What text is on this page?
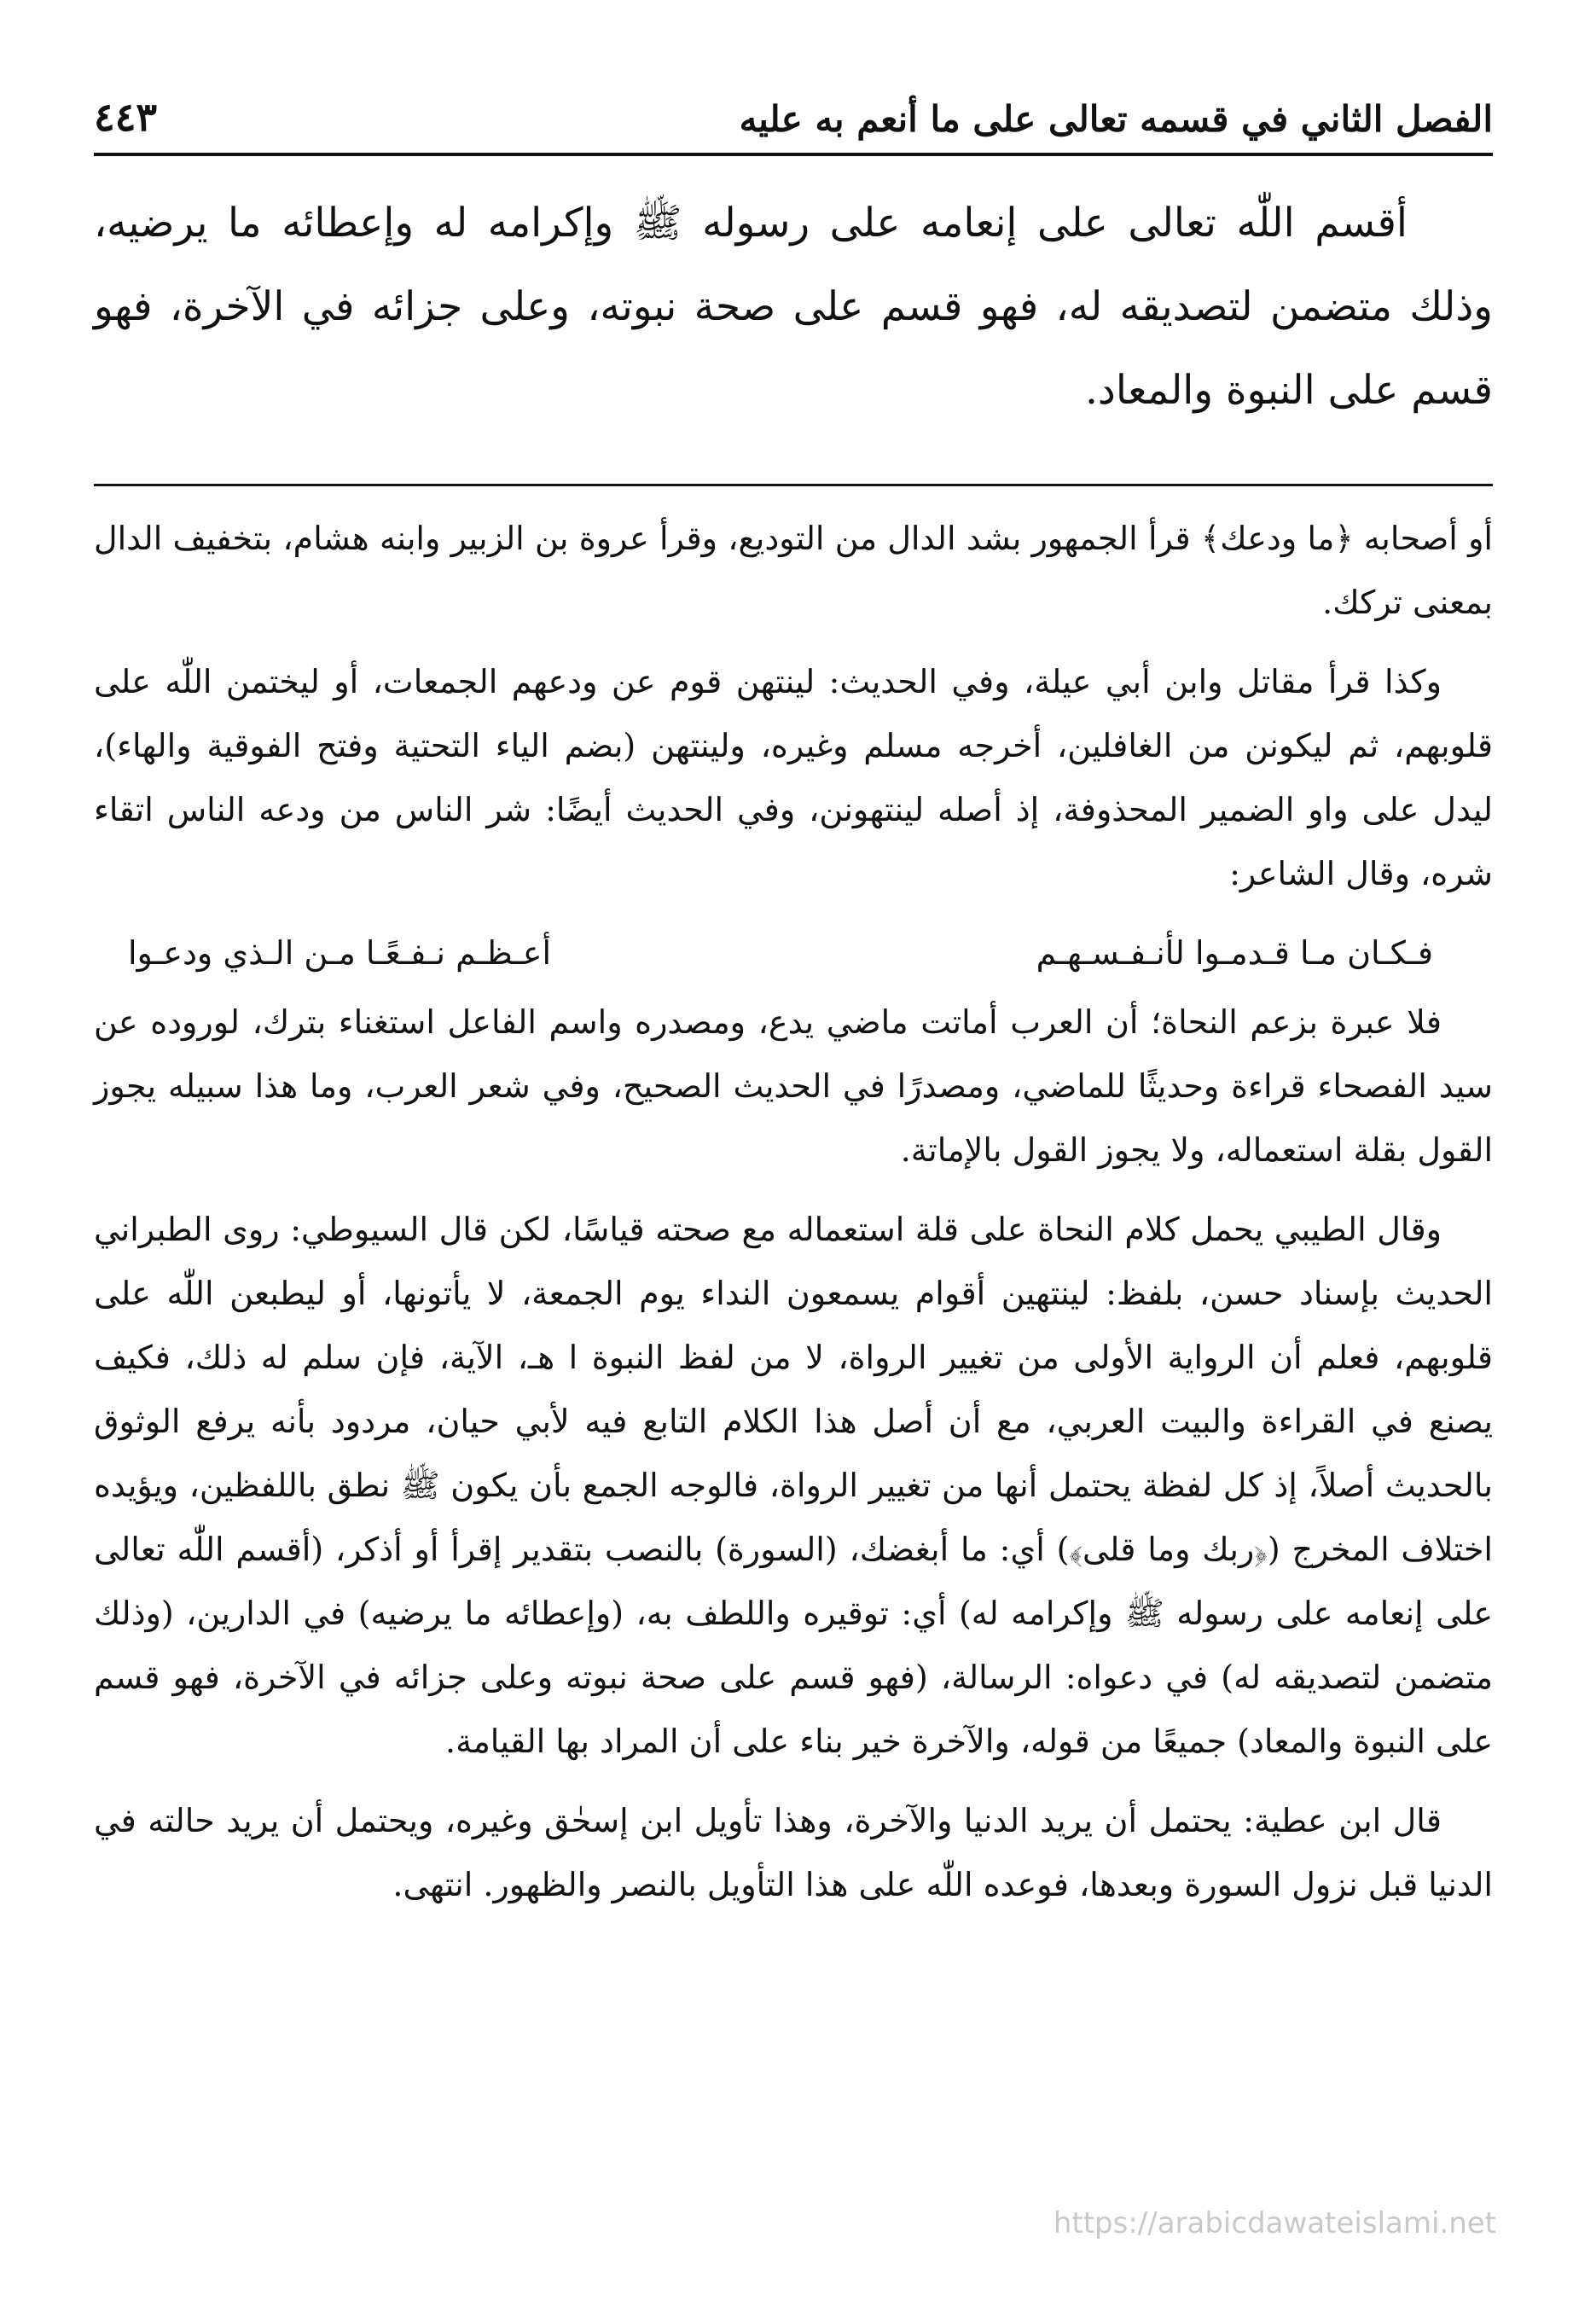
الفصل الثاني في قسمه تعالى على ما أنعم به عليه
٤٤٣

أقسم اللّٰه تعالى على إنعامه على رسوله ﷺ وإكرامه له وإعطائه ما يرضيه، وذلك متضمن لتصديقه له، فهو قسم على صحة نبوته، وعلى جزائه في الآخرة، فهو قسم على النبوة والمعاد.

أو أصحابه ﴿ما ودعك﴾ قرأ الجمهور بشد الدال من التوديع، وقرأ عروة بن الزبير وابنه هشام، بتخفيف الدال بمعنى تركك.

وكذا قرأ مقاتل وابن أبي عيلة، وفي الحديث: لينتهن قوم عن ودعهم الجمعات، أو ليختمن اللّٰه على قلوبهم، ثم ليكونن من الغافلين، أخرجه مسلم وغيره، ولينتهن (بضم الياء التحتية وفتح الفوقية والهاء)، ليدل على واو الضمير المحذوفة، إذ أصله لينتهونن، وفي الحديث أيضًا: شر الناس من ودعه الناس اتقاء شره، وقال الشاعر:

فـكـان مـا قـدمـوا لأنـفـسـهـم
أعـظـم نـفـعًـا مـن الـذي ودعـوا

فلا عبرة بزعم النحاة؛ أن العرب أماتت ماضي يدع، ومصدره واسم الفاعل استغناء بترك، لوروده عن سيد الفصحاء قراءة وحديثًا للماضي، ومصدرًا في الحديث الصحيح، وفي شعر العرب، وما هذا سبيله يجوز القول بقلة استعماله، ولا يجوز القول بالإماتة.

وقال الطيبي يحمل كلام النحاة على قلة استعماله مع صحته قياسًا، لكن قال السيوطي: روى الطبراني الحديث بإسناد حسن، بلفظ: لينتهين أقوام يسمعون النداء يوم الجمعة، لا يأتونها، أو ليطبعن اللّٰه على قلوبهم، فعلم أن الرواية الأولى من تغيير الرواة، لا من لفظ النبوة ا هـ، الآية، فإن سلم له ذلك، فكيف يصنع في القراءة والبيت العربي، مع أن أصل هذا الكلام التابع فيه لأبي حيان، مردود بأنه يرفع الوثوق بالحديث أصلاً، إذ كل لفظة يحتمل أنها من تغيير الرواة، فالوجه الجمع بأن يكون ﷺ نطق باللفظين، ويؤيده اختلاف المخرج (﴿ربك وما قلى﴾) أي: ما أبغضك، (السورة) بالنصب بتقدير إقرأ أو أذكر، (أقسم اللّٰه تعالى على إنعامه على رسوله ﷺ وإكرامه له) أي: توقيره واللطف به، (وإعطائه ما يرضيه) في الدارين، (وذلك متضمن لتصديقه له) في دعواه: الرسالة، (فهو قسم على صحة نبوته وعلى جزائه في الآخرة، فهو قسم على النبوة والمعاد) جميعًا من قوله، والآخرة خير بناء على أن المراد بها القيامة.

قال ابن عطية: يحتمل أن يريد الدنيا والآخرة، وهذا تأويل ابن إسحٰق وغيره، ويحتمل أن يريد حالته في الدنيا قبل نزول السورة وبعدها، فوعده اللّٰه على هذا التأويل بالنصر والظهور. انتهى.

https://arabicdawateislami.net
